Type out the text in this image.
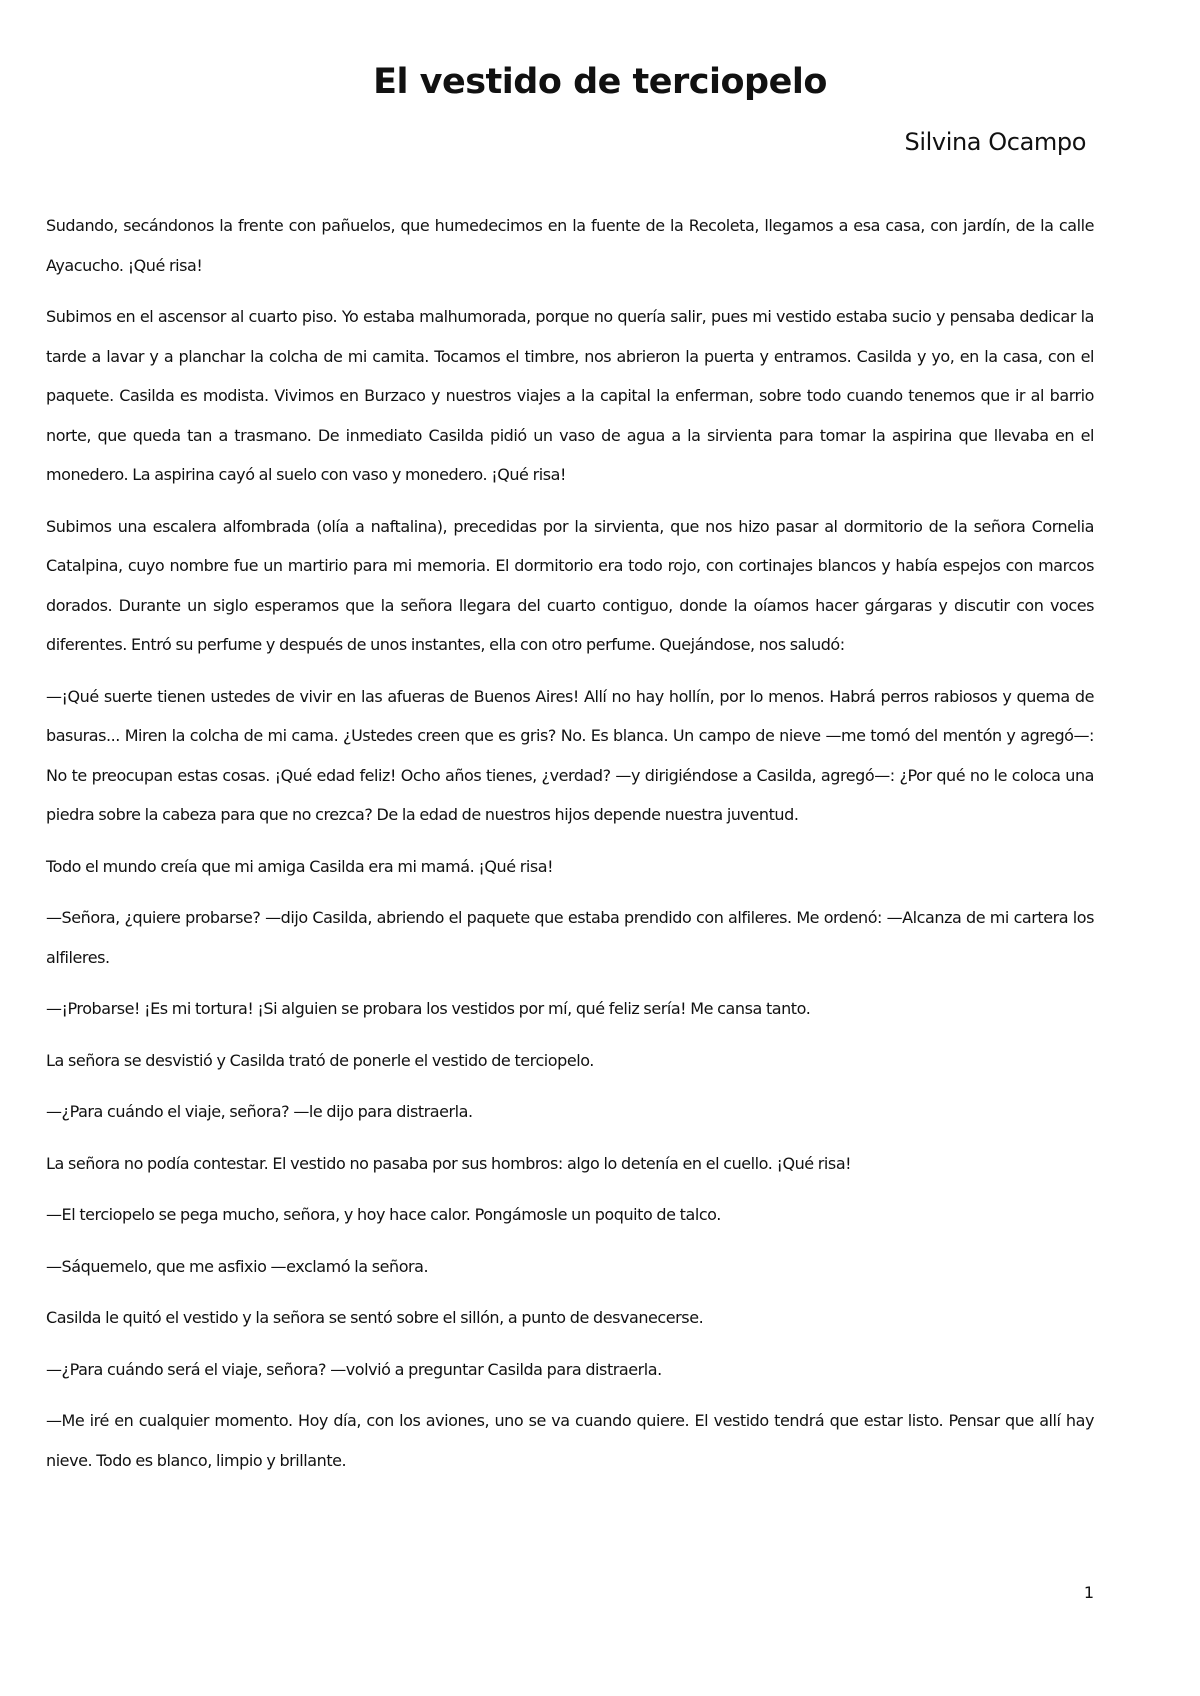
El vestido de terciopelo
Silvina Ocampo

Sudando, secándonos la frente con pañuelos, que humedecimos en la fuente de la Recoleta, llegamos a esa casa, con jardín, de la calle Ayacucho. ¡Qué risa!

Subimos en el ascensor al cuarto piso. Yo estaba malhumorada, porque no quería salir, pues mi vestido estaba sucio y pensaba dedicar la tarde a lavar y a planchar la colcha de mi camita. Tocamos el timbre, nos abrieron la puerta y entramos. Casilda y yo, en la casa, con el paquete. Casilda es modista. Vivimos en Burzaco y nuestros viajes a la capital la enferman, sobre todo cuando tenemos que ir al barrio norte, que queda tan a trasmano. De inmediato Casilda pidió un vaso de agua a la sirvienta para tomar la aspirina que llevaba en el monedero. La aspirina cayó al suelo con vaso y monedero. ¡Qué risa!

Subimos una escalera alfombrada (olía a naftalina), precedidas por la sirvienta, que nos hizo pasar al dormitorio de la señora Cornelia Catalpina, cuyo nombre fue un martirio para mi memoria. El dormitorio era todo rojo, con cortinajes blancos y había espejos con marcos dorados. Durante un siglo esperamos que la señora llegara del cuarto contiguo, donde la oíamos hacer gárgaras y discutir con voces diferentes. Entró su perfume y después de unos instantes, ella con otro perfume. Quejándose, nos saludó:

—¡Qué suerte tienen ustedes de vivir en las afueras de Buenos Aires! Allí no hay hollín, por lo menos. Habrá perros rabiosos y quema de basuras... Miren la colcha de mi cama. ¿Ustedes creen que es gris? No. Es blanca. Un campo de nieve —me tomó del mentón y agregó—: No te preocupan estas cosas. ¡Qué edad feliz! Ocho años tienes, ¿verdad? —y dirigiéndose a Casilda, agregó—: ¿Por qué no le coloca una piedra sobre la cabeza para que no crezca? De la edad de nuestros hijos depende nuestra juventud.

Todo el mundo creía que mi amiga Casilda era mi mamá. ¡Qué risa!

—Señora, ¿quiere probarse? —dijo Casilda, abriendo el paquete que estaba prendido con alfileres. Me ordenó: —Alcanza de mi cartera los alfileres.

—¡Probarse! ¡Es mi tortura! ¡Si alguien se probara los vestidos por mí, qué feliz sería! Me cansa tanto.

La señora se desvistió y Casilda trató de ponerle el vestido de terciopelo.

—¿Para cuándo el viaje, señora? —le dijo para distraerla.

La señora no podía contestar. El vestido no pasaba por sus hombros: algo lo detenía en el cuello. ¡Qué risa!

—El terciopelo se pega mucho, señora, y hoy hace calor. Pongámosle un poquito de talco.

—Sáquemelo, que me asfixio —exclamó la señora.

Casilda le quitó el vestido y la señora se sentó sobre el sillón, a punto de desvanecerse.

—¿Para cuándo será el viaje, señora? —volvió a preguntar Casilda para distraerla.

—Me iré en cualquier momento. Hoy día, con los aviones, uno se va cuando quiere. El vestido tendrá que estar listo. Pensar que allí hay nieve. Todo es blanco, limpio y brillante.

1
